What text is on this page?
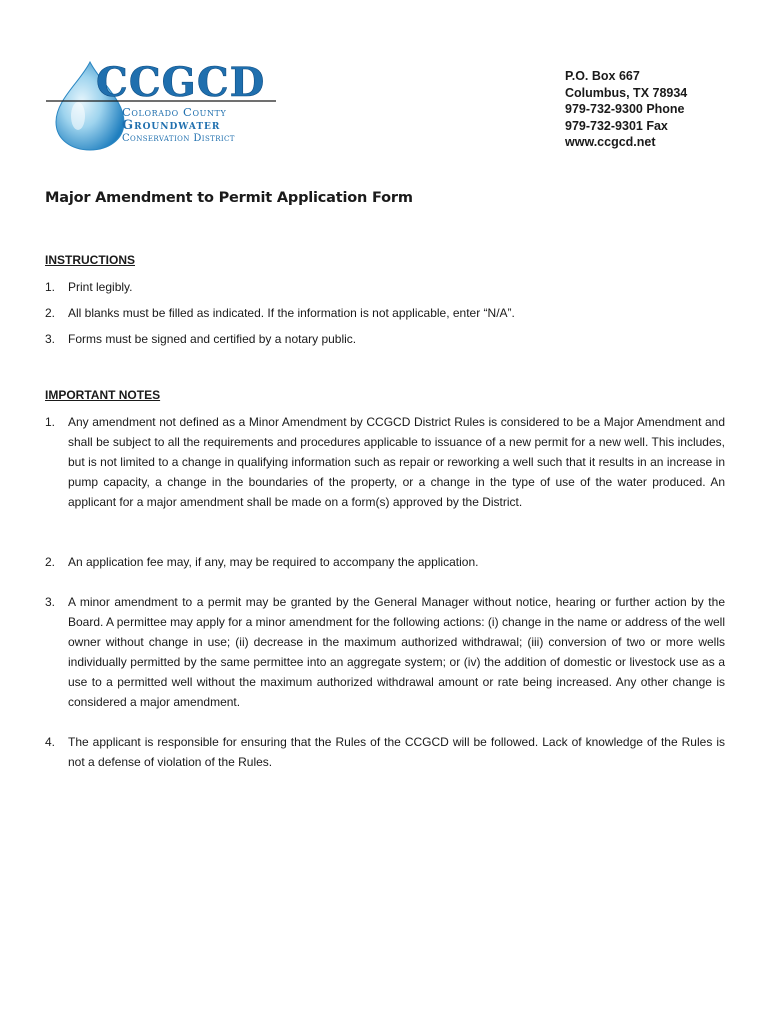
CCGCD
Colorado County
Groundwater
Conservation District
P.O. Box 667
Columbus, TX 78934
979-732-9300 Phone
979-732-9301 Fax
www.ccgcd.net
Major Amendment to Permit Application Form
INSTRUCTIONS
1. Print legibly.
2. All blanks must be filled as indicated. If the information is not applicable, enter “N/A”.
3. Forms must be signed and certified by a notary public.
IMPORTANT NOTES
1. Any amendment not defined as a Minor Amendment by CCGCD District Rules is considered to be a Major Amendment and shall be subject to all the requirements and procedures applicable to issuance of a new permit for a new well. This includes, but is not limited to a change in qualifying information such as repair or reworking a well such that it results in an increase in pump capacity, a change in the boundaries of the property, or a change in the type of use of the water produced. An applicant for a major amendment shall be made on a form(s) approved by the District.
2. An application fee may, if any, may be required to accompany the application.
3. A minor amendment to a permit may be granted by the General Manager without notice, hearing or further action by the Board. A permittee may apply for a minor amendment for the following actions: (i) change in the name or address of the well owner without change in use; (ii) decrease in the maximum authorized withdrawal; (iii) conversion of two or more wells individually permitted by the same permittee into an aggregate system; or (iv) the addition of domestic or livestock use as a use to a permitted well without the maximum authorized withdrawal amount or rate being increased. Any other change is considered a major amendment.
4. The applicant is responsible for ensuring that the Rules of the CCGCD will be followed. Lack of knowledge of the Rules is not a defense of violation of the Rules.
